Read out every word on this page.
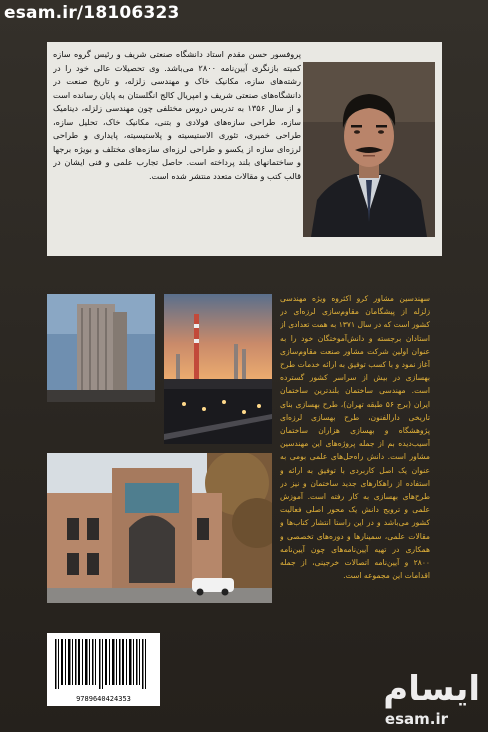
esam.ir/18106323
پروفسور حسن مقدم استاد دانشگاه صنعتی شریف و رئیس گروه سازه کمیته بازنگری آیین‌نامه ۲۸۰۰ می‌باشد. وی تحصیلات عالی خود را در رشته‌های سازه، مکانیک خاک و مهندسی زلزله، و تاریخ صنعت در دانشگاه‌های صنعتی شریف و امپریال کالج انگلستان به پایان رسانده است و از سال ۱۳۵۶ به تدریس دروس مختلفی چون مهندسی زلزله، دینامیک سازه، طراحی سازه‌های فولادی و بتنی، مکانیک خاک، تحلیل سازه، طراحی خمیری، تئوری الاستیسیته و پلاستیسیته، پایداری و طراحی لرزه‌ای سازه از یکسو و طراحی لرزه‌ای سازه‌های مختلف و بویژه برجها و ساختمانهای بلند پرداخته است. حاصل تجارب علمی و فنی ایشان در قالب کتب و مقالات متعدد منتشر شده است.
سهندسین مشاور کرو اکثروه ویژه مهندسی زلزله از پیشگامان مقاوم‌سازی لرزه‌ای در کشور است که در سال ۱۳۷۱ به همت تعدادی از استادان برجسته و دانش‌آموختگان خود را به عنوان اولین شرکت مشاور صنعت مقاوم‌سازی آغاز نمود و با کسب توفیق به ارائه خدمات طرح بهسازی در بیش از سراسر کشور گسترده است. مهندسی ساختمان بلندترین ساختمان ایران (برج ۵۶ طبقه تهران)، طرح بهسازی بنای تاریخی دارالفنون، طرح بهسازی لرزه‌ای پژوهشگاه و بهسازی هزاران ساختمان آسیب‌دیده بم از جمله پروژه‌های این مهندسین مشاور است. دانش راه‌حل‌های علمی بومی به عنوان یک اصل کاربردی با توفیق به ارائه و استفاده از راهکارهای جدید ساختمان و نیز در طرح‌های بهسازی به کار رفته است. آموزش علمی و ترویج دانش یک محور اصلی فعالیت کشور می‌باشد و در این راستا انتشار کتاب‌ها و مقالات علمی، سمینارها و دوره‌های تخصصی و همکاری در تهیه آیین‌نامه‌های چون آیین‌نامه ۲۸۰۰ و آیین‌نامه اتصالات خرجینی، از جمله اقدامات این مجموعه است.
9789640424353	ایسام
esam.ir
